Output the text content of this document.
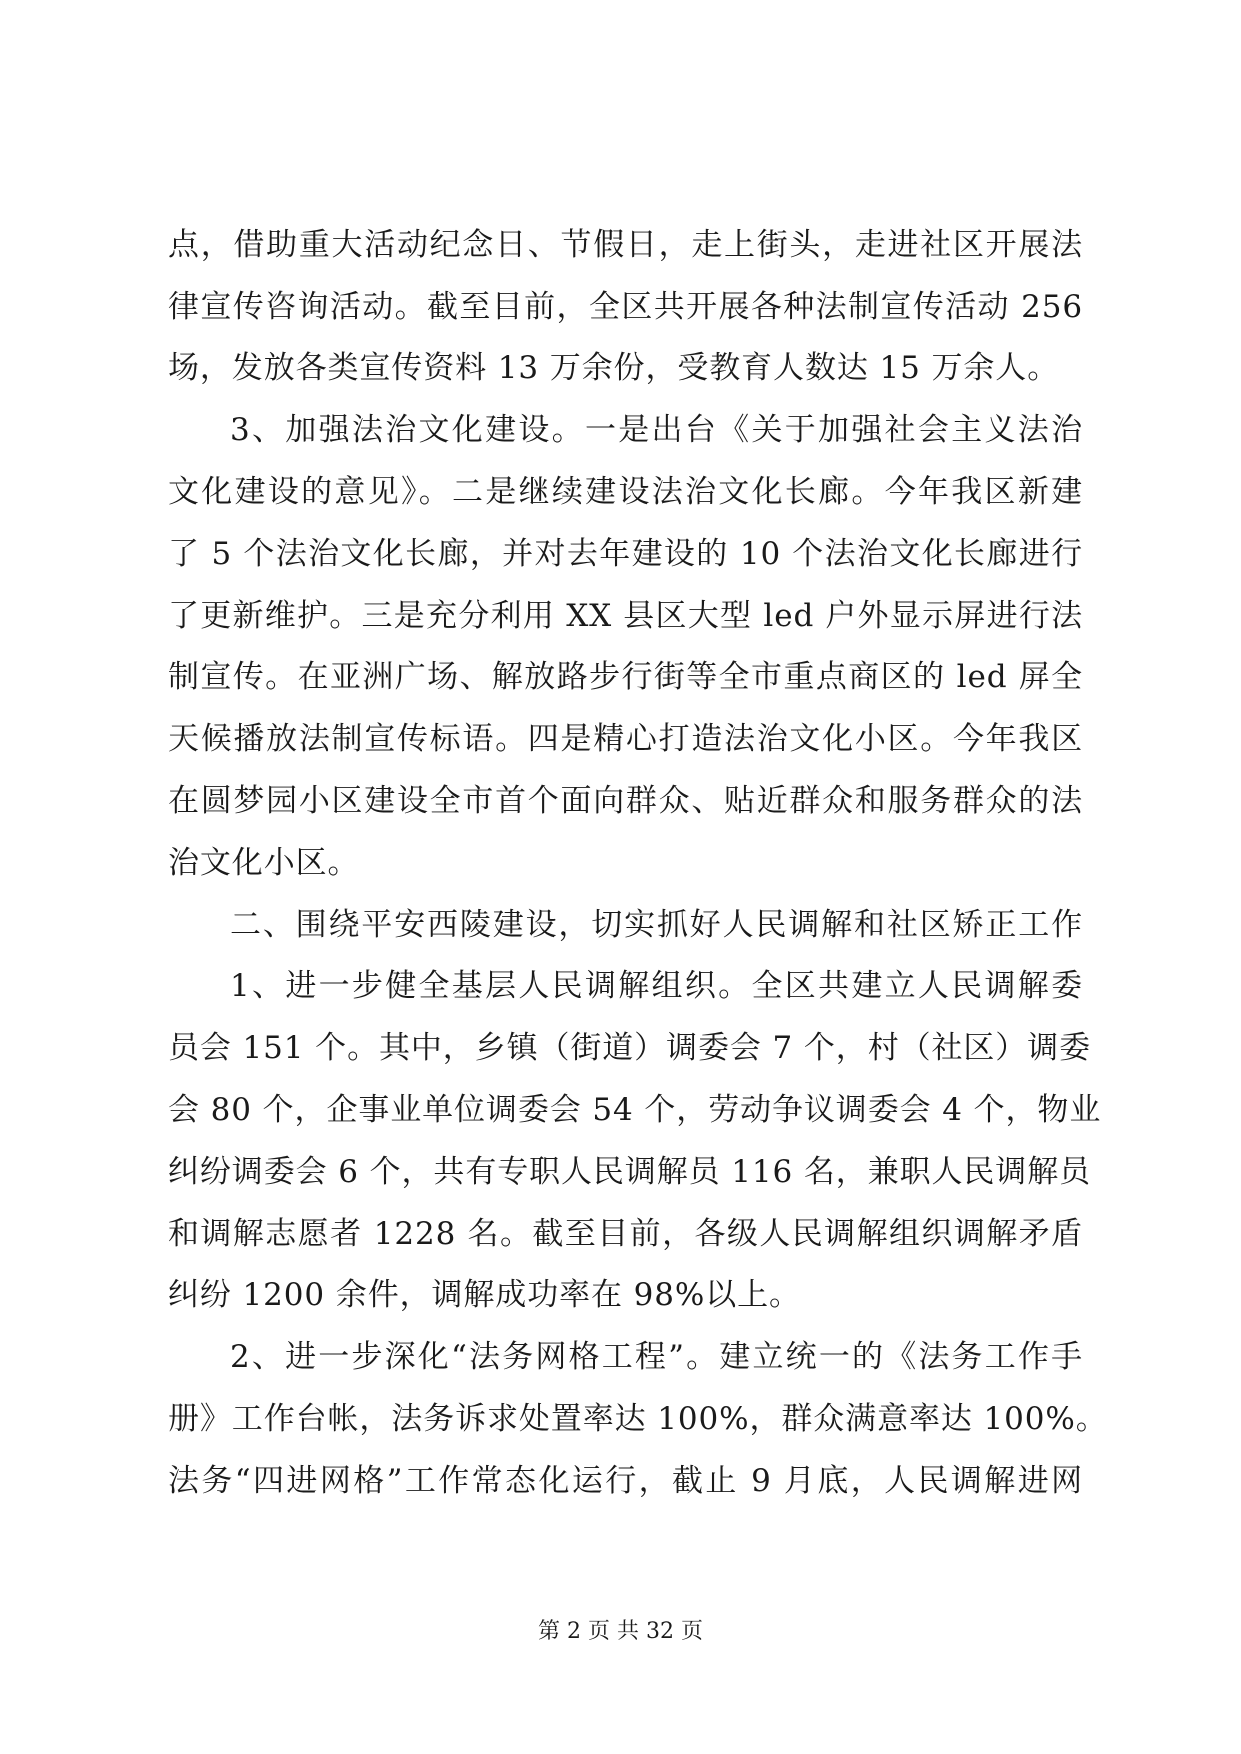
点，借助重大活动纪念日、节假日，走上街头，走进社区开展法
律宣传咨询活动。截至目前，全区共开展各种法制宣传活动 256
场，发放各类宣传资料 13 万余份，受教育人数达 15 万余人。
3、加强法治文化建设。一是出台《关于加强社会主义法治
文化建设的意见》。二是继续建设法治文化长廊。今年我区新建
了 5 个法治文化长廊，并对去年建设的 10 个法治文化长廊进行
了更新维护。三是充分利用 XX 县区大型 led 户外显示屏进行法
制宣传。在亚洲广场、解放路步行街等全市重点商区的 led 屏全
天候播放法制宣传标语。四是精心打造法治文化小区。今年我区
在圆梦园小区建设全市首个面向群众、贴近群众和服务群众的法
治文化小区。
二、围绕平安西陵建设，切实抓好人民调解和社区矫正工作
1、进一步健全基层人民调解组织。全区共建立人民调解委
员会 151 个。其中，乡镇（街道）调委会 7 个，村（社区）调委
会 80 个，企事业单位调委会 54 个，劳动争议调委会 4 个，物业
纠纷调委会 6 个，共有专职人民调解员 116 名，兼职人民调解员
和调解志愿者 1228 名。截至目前，各级人民调解组织调解矛盾
纠纷 1200 余件，调解成功率在 98%以上。
2、进一步深化“法务网格工程”。建立统一的《法务工作手
册》工作台帐，法务诉求处置率达 100%，群众满意率达 100%。
法务“四进网格”工作常态化运行，截止 9 月底，人民调解进网
第 2 页 共 32 页
